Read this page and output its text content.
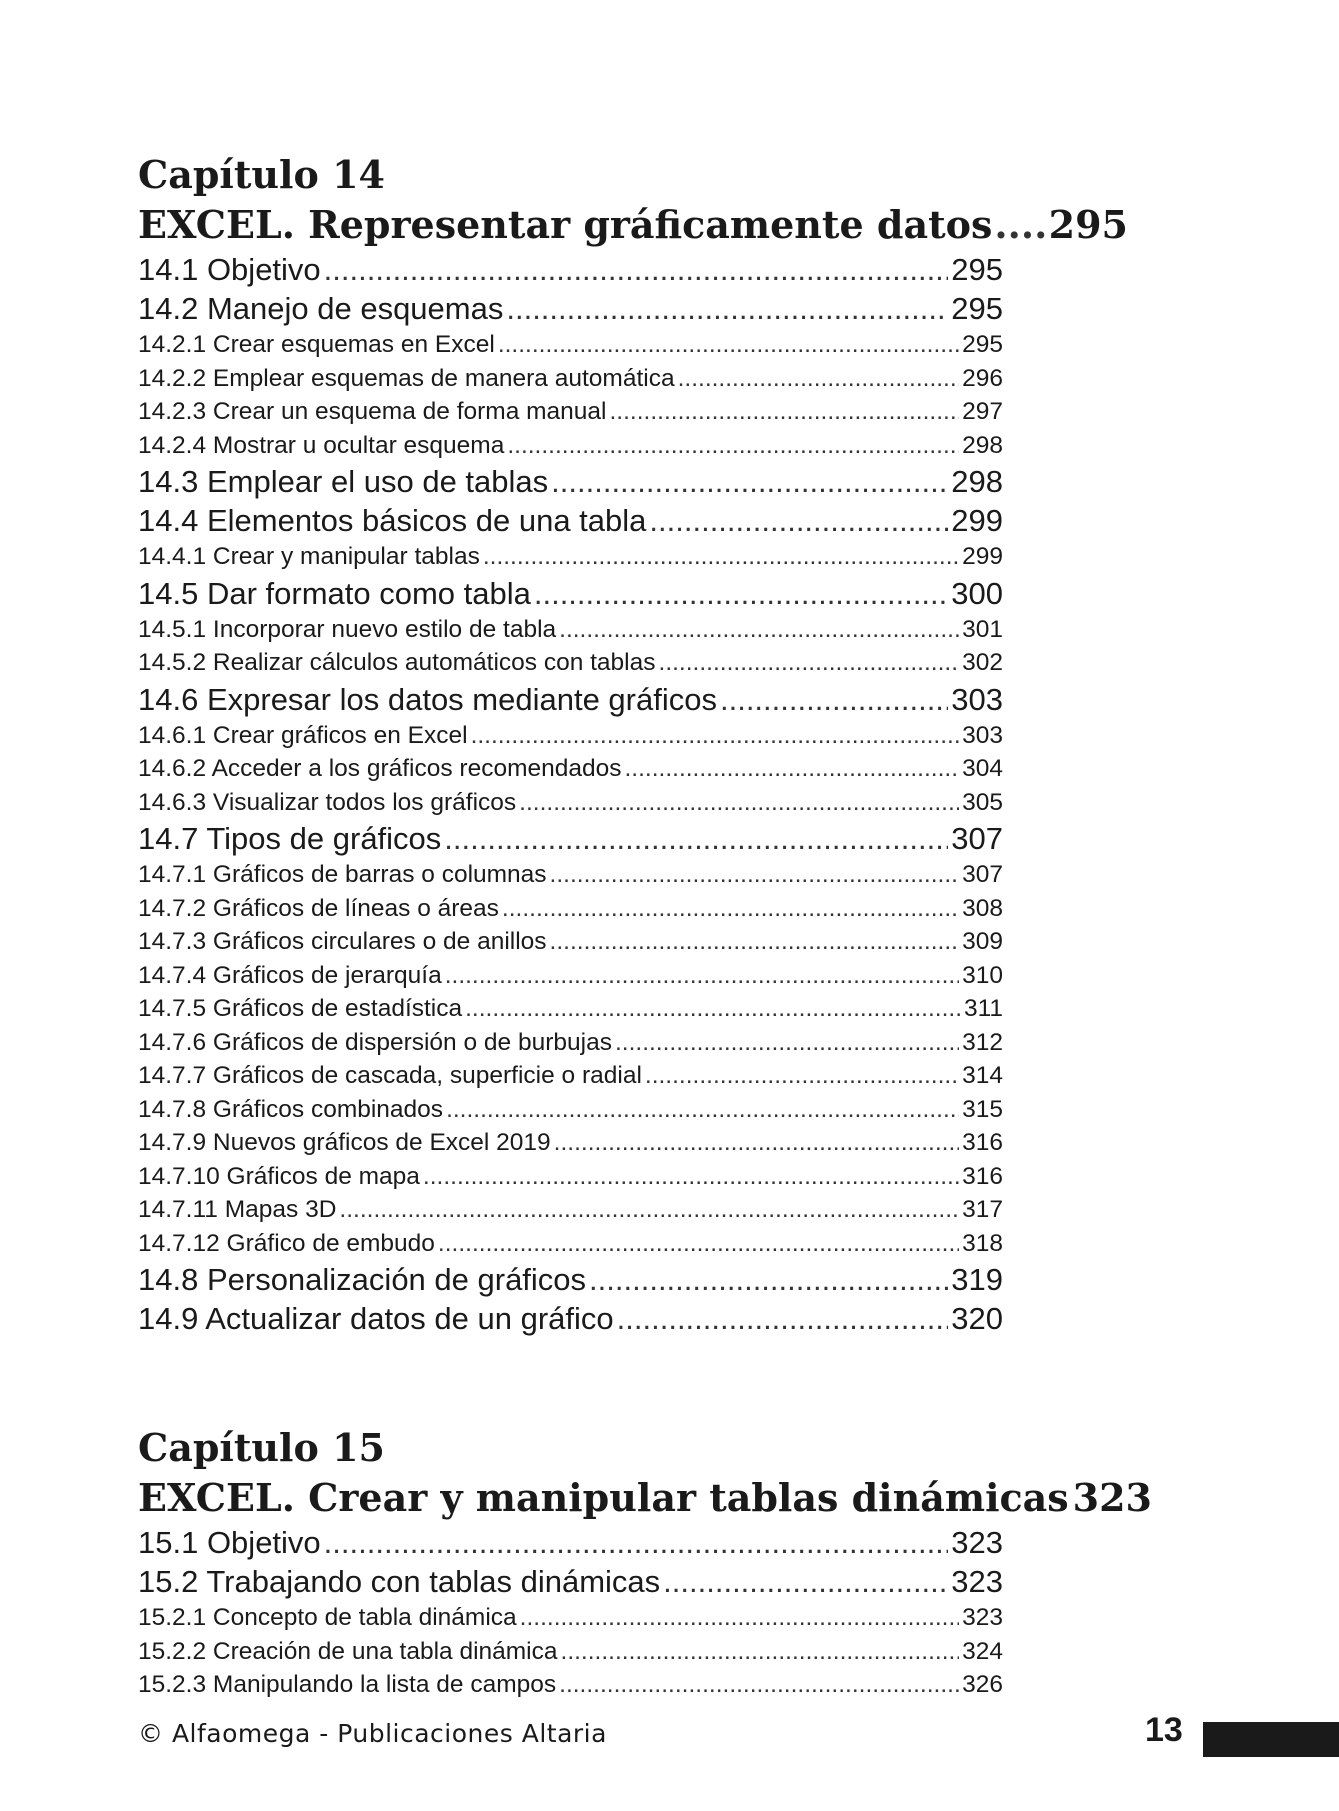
Capítulo 14
EXCEL. Representar gráficamente datos ..... 295
14.1 Objetivo .....	295
14.2 Manejo de esquemas .....	295
14.2.1 Crear esquemas en Excel .....	295
14.2.2 Emplear esquemas de manera automática .....	296
14.2.3 Crear un esquema de forma manual .....	297
14.2.4 Mostrar u ocultar esquema .....	298
14.3 Emplear el uso de tablas .....	298
14.4 Elementos básicos de una tabla .....	299
14.4.1 Crear y manipular tablas .....	299
14.5 Dar formato como tabla .....	300
14.5.1 Incorporar nuevo estilo de tabla .....	301
14.5.2 Realizar cálculos automáticos con tablas .....	302
14.6 Expresar los datos mediante gráficos .....	303
14.6.1 Crear gráficos en Excel .....	303
14.6.2 Acceder a los gráficos recomendados .....	304
14.6.3 Visualizar todos los gráficos .....	305
14.7 Tipos de gráficos .....	307
14.7.1 Gráficos de barras o columnas .....	307
14.7.2 Gráficos de líneas o áreas .....	308
14.7.3 Gráficos circulares o de anillos .....	309
14.7.4 Gráficos de jerarquía .....	310
14.7.5 Gráficos de estadística .....	311
14.7.6 Gráficos de dispersión o de burbujas .....	312
14.7.7 Gráficos de cascada, superficie o radial .....	314
14.7.8 Gráficos combinados .....	315
14.7.9 Nuevos gráficos de Excel 2019 .....	316
14.7.10 Gráficos de mapa .....	316
14.7.11 Mapas 3D .....	317
14.7.12 Gráfico de embudo .....	318
14.8 Personalización de gráficos .....	319
14.9 Actualizar datos de un gráfico .....	320
Capítulo 15
EXCEL. Crear y manipular tablas dinámicas 323
15.1 Objetivo .....	323
15.2 Trabajando con tablas dinámicas .....	323
15.2.1 Concepto de tabla dinámica .....	323
15.2.2 Creación de una tabla dinámica .....	324
15.2.3 Manipulando la lista de campos .....	326
© Alfaomega - Publicaciones Altaria	13
